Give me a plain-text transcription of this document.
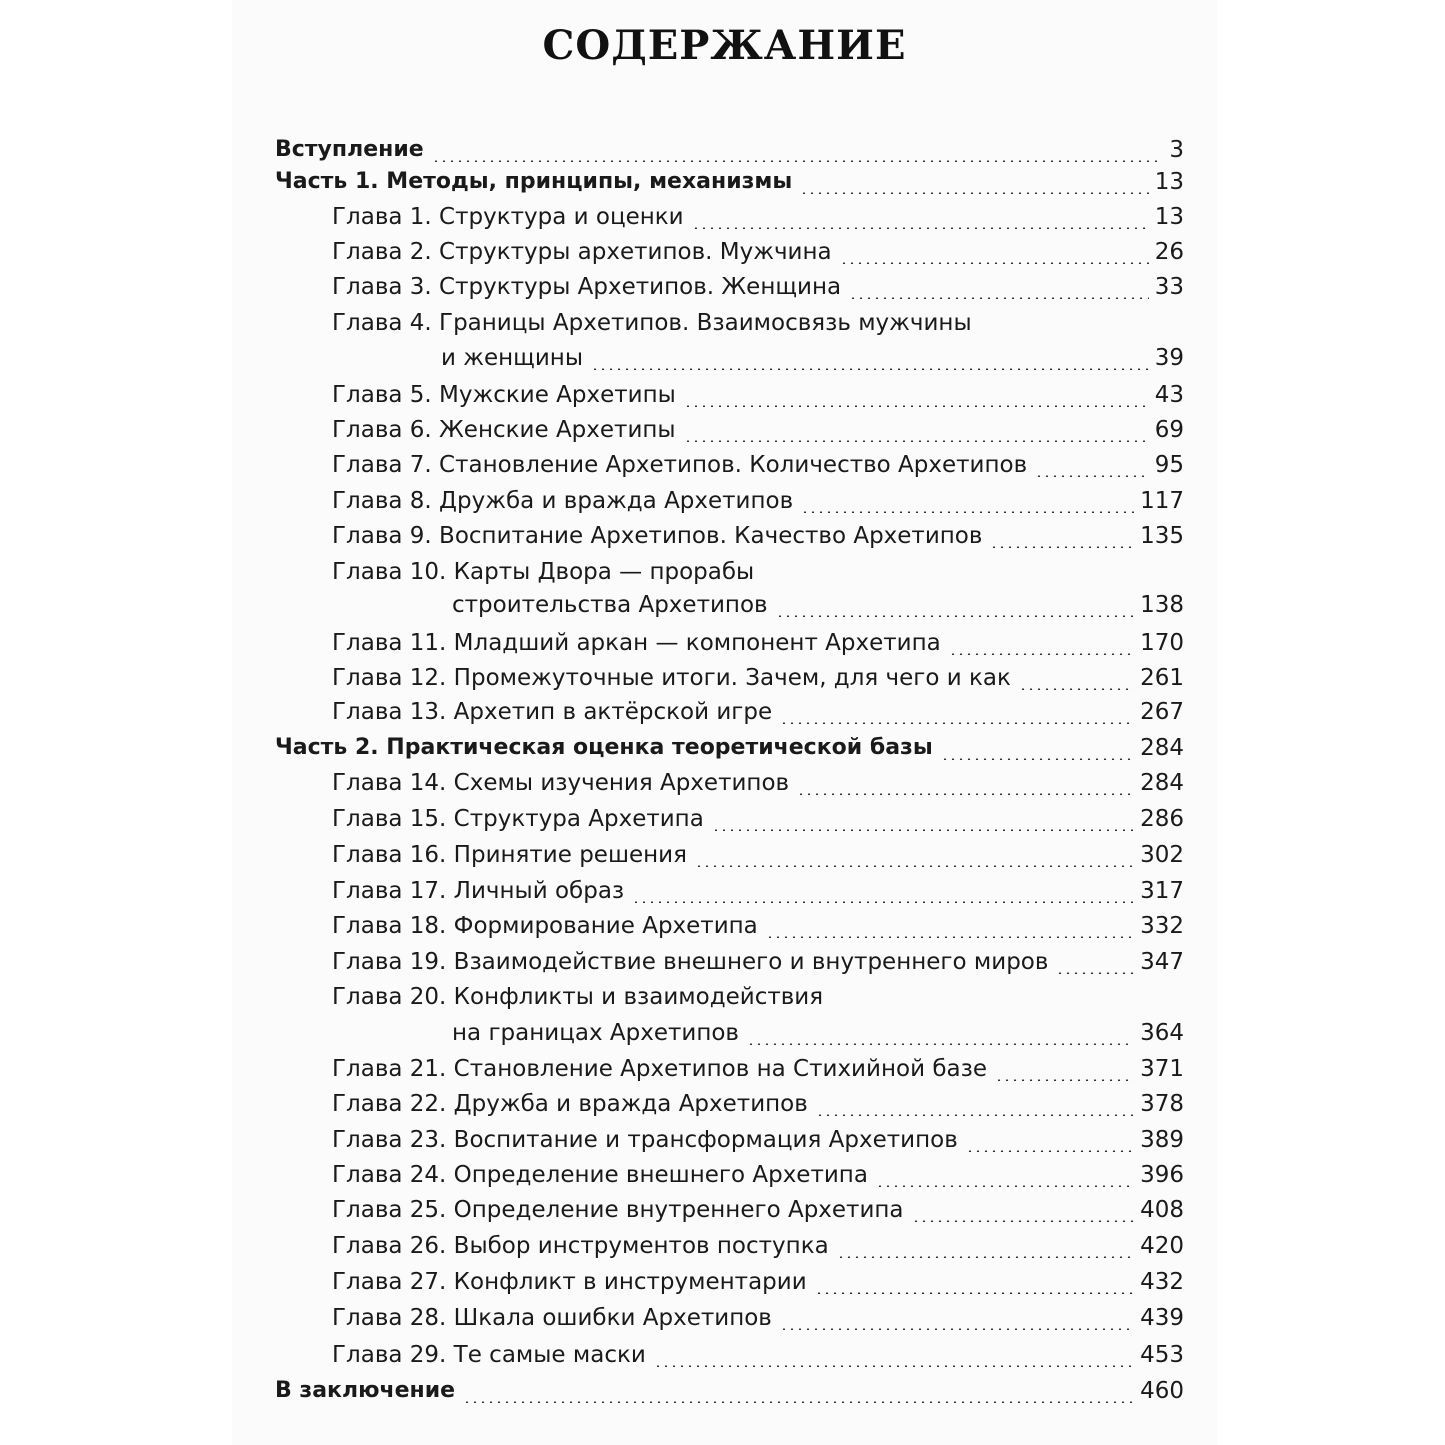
СОДЕРЖАНИЕ
Вступление	3
Часть 1. Методы, принципы, механизмы	13
Глава 1. Структура и оценки	13
Глава 2. Структуры архетипов. Мужчина	26
Глава 3. Структуры Архетипов. Женщина	33
Глава 4. Границы Архетипов. Взаимосвязь мужчины
и женщины	39
Глава 5. Мужские Архетипы	43
Глава 6. Женские Архетипы	69
Глава 7. Становление Архетипов. Количество Архетипов	95
Глава 8. Дружба и вражда Архетипов	117
Глава 9. Воспитание Архетипов. Качество Архетипов	135
Глава 10. Карты Двора — прорабы
строительства Архетипов	138
Глава 11. Младший аркан — компонент Архетипа	170
Глава 12. Промежуточные итоги. Зачем, для чего и как	261
Глава 13. Архетип в актёрской игре	267
Часть 2. Практическая оценка теоретической базы	284
Глава 14. Схемы изучения Архетипов	284
Глава 15. Структура Архетипа	286
Глава 16. Принятие решения	302
Глава 17. Личный образ	317
Глава 18. Формирование Архетипа	332
Глава 19. Взаимодействие внешнего и внутреннего миров	347
Глава 20. Конфликты и взаимодействия
на границах Архетипов	364
Глава 21. Становление Архетипов на Стихийной базе	371
Глава 22. Дружба и вражда Архетипов	378
Глава 23. Воспитание и трансформация Архетипов	389
Глава 24. Определение внешнего Архетипа	396
Глава 25. Определение внутреннего Архетипа	408
Глава 26. Выбор инструментов поступка	420
Глава 27. Конфликт в инструментарии	432
Глава 28. Шкала ошибки Архетипов	439
Глава 29. Те самые маски	453
В заключение	460
